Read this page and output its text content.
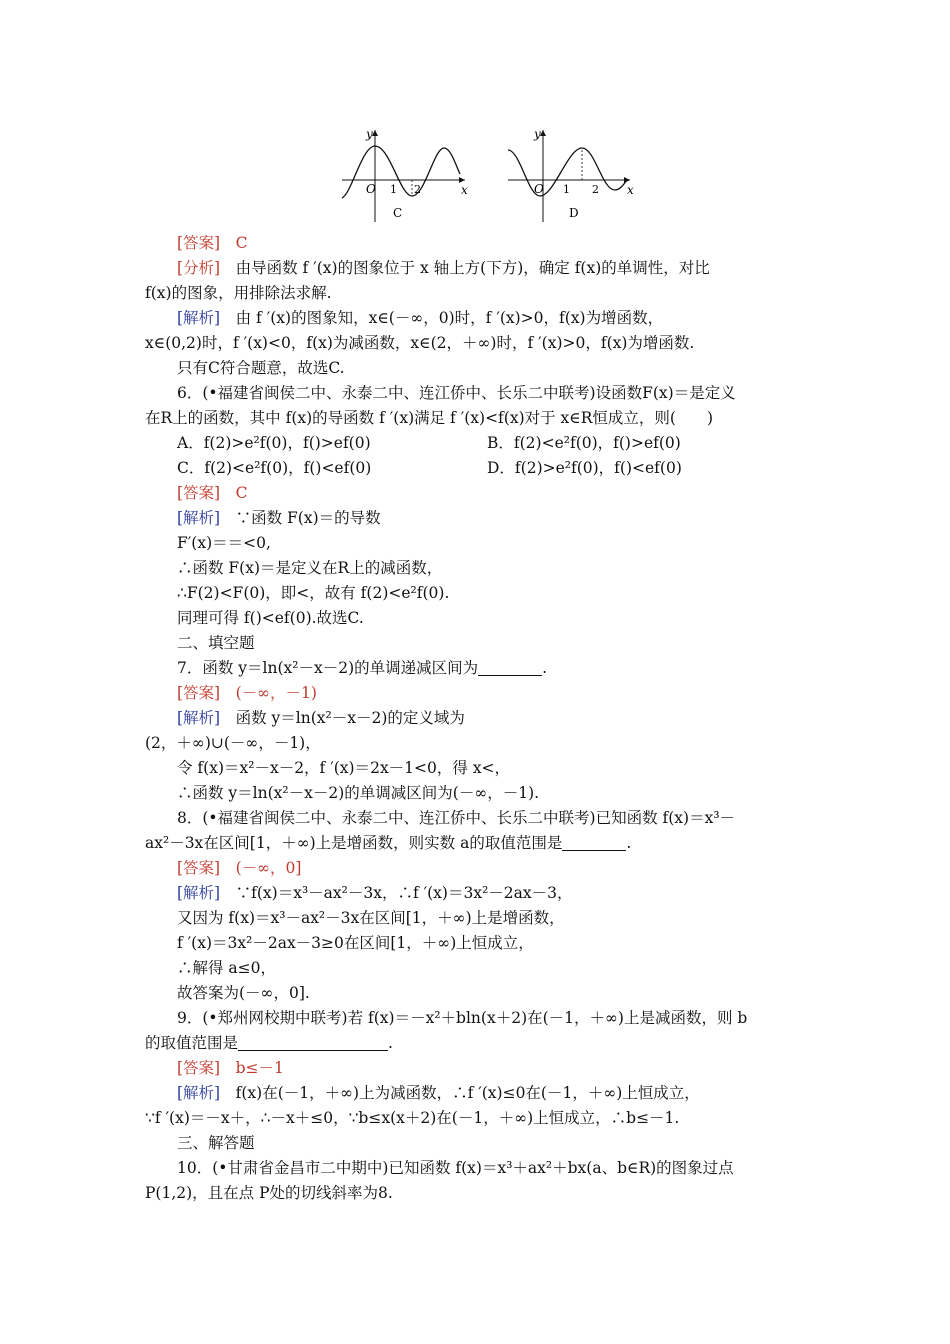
y
x
O 1 2
C
y
x
O 1 2
D
[答案]　C
[分析]　 由导函数 f ′(x)的图象位于 x 轴上方(下方)，确定 f(x)的单调性，对比
f(x)的图象，用排除法求解.
[解析]　 由 f ′(x)的图象知，x∈(－∞，0)时，f ′(x)>0，f(x)为增函数，
x∈(0,2)时，f ′(x)<0，f(x)为减函数，x∈(2，＋∞)时，f ′(x)>0，f(x)为增函数.
只有C符合题意，故选C.
6．(•福建省闽侯二中、永泰二中、连江侨中、长乐二中联考)设函数F(x)＝是定义
在R上的函数，其中 f(x)的导函数 f ′(x)满足 f ′(x)<f(x)对于 x∈R恒成立，则(　　)
A．f(2)>e²f(0)，f()>ef(0)	B．f(2)<e²f(0)，f()>ef(0)
C．f(2)<e²f(0)，f()<ef(0)	D．f(2)>e²f(0)，f()<ef(0)
[答案]　C
[解析]　 ∵函数 F(x)＝的导数
F′(x)＝＝<0,
∴函数 F(x)＝是定义在R上的减函数，
∴F(2)<F(0)，即<，故有 f(2)<e²f(0).
同理可得 f()<ef(0).故选C.
二、填空题
7．函数 y＝ln(x²－x－2)的单调递减区间为	.
[答案]　(－∞，－1)
[解析]　 函数 y＝ln(x²－x－2)的定义域为
(2，＋∞)∪(－∞，－1)，
令 f(x)＝x²－x－2，f ′(x)＝2x－1<0，得 x<，
∴函数 y＝ln(x²－x－2)的单调减区间为(－∞，－1).
8．(•福建省闽侯二中、永泰二中、连江侨中、长乐二中联考)已知函数 f(x)＝x³－
ax²－3x在区间[1，＋∞)上是增函数，则实数 a的取值范围是	.
[答案]　(－∞，0]
[解析]　 ∵f(x)＝x³－ax²－3x，∴f ′(x)＝3x²－2ax－3，
又因为 f(x)＝x³－ax²－3x在区间[1，＋∞)上是增函数，
f ′(x)＝3x²－2ax－3≥0在区间[1，＋∞)上恒成立，
∴解得 a≤0，
故答案为(－∞，0].
9．(•郑州网校期中联考)若 f(x)＝－x²＋bln(x＋2)在(－1，＋∞)上是减函数，则 b
的取值范围是	.
[答案]　b≤－1
[解析]　 f(x)在(－1，＋∞)上为减函数，∴f ′(x)≤0在(－1，＋∞)上恒成立，
∵f ′(x)＝－x＋，∴－x＋≤0，∵b≤x(x＋2)在(－1，＋∞)上恒成立，∴b≤－1.
三、解答题
10．(•甘肃省金昌市二中期中)已知函数 f(x)＝x³＋ax²＋bx(a、b∈R)的图象过点
P(1,2)，且在点 P处的切线斜率为8.
